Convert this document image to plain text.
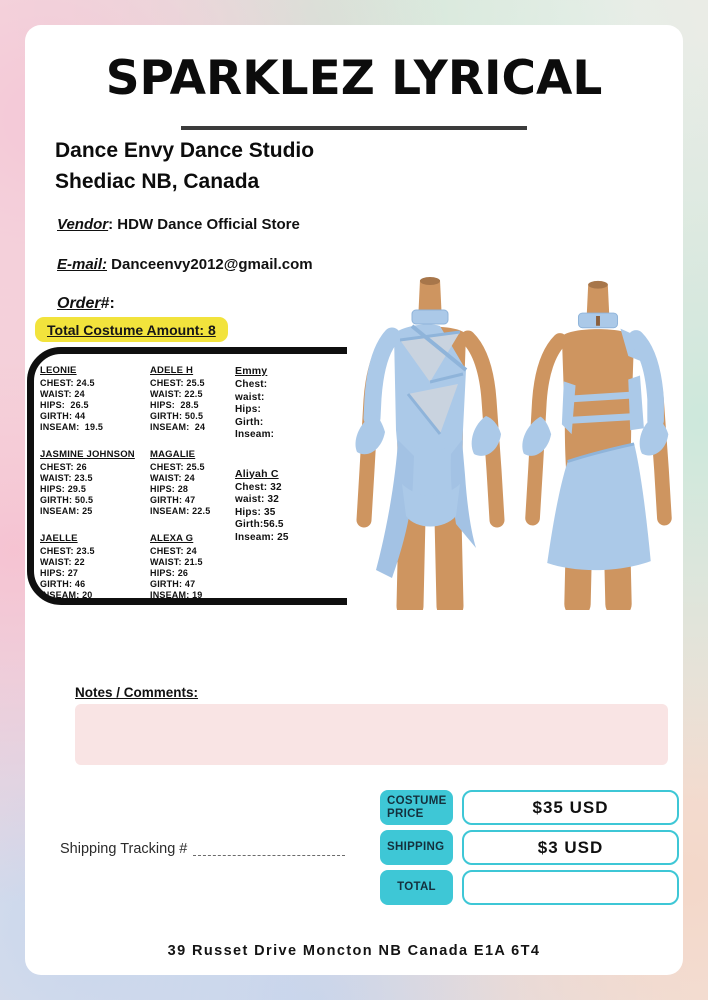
SPARKLEZ LYRICAL
Dance Envy Dance Studio
Shediac NB, Canada
Vendor: HDW Dance Official Store
E-mail: Danceenvy2012@gmail.com
Order#:
Total Costume Amount: 8
LEONIE
CHEST: 24.5
WAIST: 24
HIPS:  26.5
GIRTH: 44
INSEAM:  19.5
JASMINE JOHNSON
CHEST: 26
WAIST: 23.5
HIPS: 29.5
GIRTH: 50.5
INSEAM: 25
JAELLE
CHEST: 23.5
WAIST: 22
HIPS: 27
GIRTH: 46
INSEAM: 20
ADELE H
CHEST: 25.5
WAIST: 22.5
HIPS:  28.5
GIRTH: 50.5
INSEAM:  24
MAGALIE
CHEST: 25.5
WAIST: 24
HIPS: 28
GIRTH: 47
INSEAM: 22.5
ALEXA G
CHEST: 24
WAIST: 21.5
HIPS: 26
GIRTH: 47
INSEAM: 19
Emmy
Chest:
waist:
Hips:
Girth:
Inseam:
Aliyah C
Chest: 32
waist: 32
Hips: 35
Girth:56.5
Inseam: 25
Notes / Comments:
COSTUME PRICE	$35 USD
SHIPPING	$3 USD
TOTAL
Shipping Tracking #
39 Russet Drive Moncton NB Canada E1A 6T4
